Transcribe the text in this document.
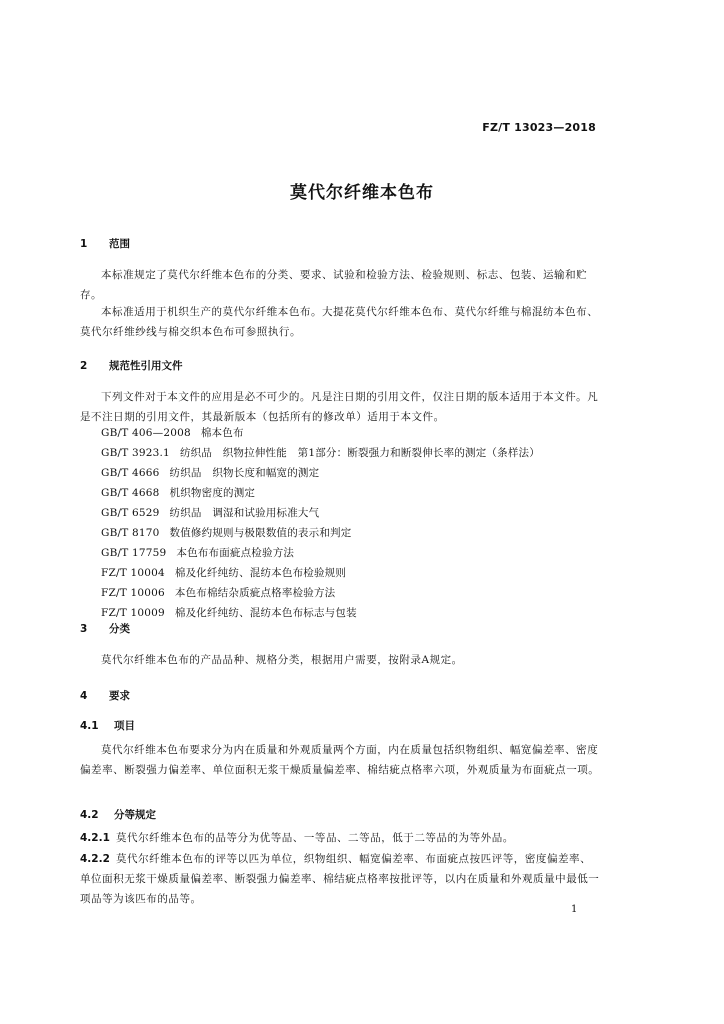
FZ/T 13023—2018
莫代尔纤维本色布
1 范围

本标准规定了莫代尔纤维本色布的分类、要求、试验和检验方法、检验规则、标志、包装、运输和贮存。

本标准适用于机织生产的莫代尔纤维本色布。大提花莫代尔纤维本色布、莫代尔纤维与棉混纺本色布、莫代尔纤维纱线与棉交织本色布可参照执行。

2 规范性引用文件

下列文件对于本文件的应用是必不可少的。凡是注日期的引用文件，仅注日期的版本适用于本文件。凡是不注日期的引用文件，其最新版本（包括所有的修改单）适用于本文件。

GB/T 406—2008 棉本色布
GB/T 3923.1 纺织品　织物拉伸性能　第1部分：断裂强力和断裂伸长率的测定（条样法）
GB/T 4666 纺织品　织物长度和幅宽的测定
GB/T 4668 机织物密度的测定
GB/T 6529 纺织品　调湿和试验用标准大气
GB/T 8170 数值修约规则与极限数值的表示和判定
GB/T 17759 本色布布面疵点检验方法
FZ/T 10004 棉及化纤纯纺、混纺本色布检验规则
FZ/T 10006 本色布棉结杂质疵点格率检验方法
FZ/T 10009 棉及化纤纯纺、混纺本色布标志与包装
3 分类

莫代尔纤维本色布的产品品种、规格分类，根据用户需要，按附录A规定。

4 要求
4.1 项目

莫代尔纤维本色布要求分为内在质量和外观质量两个方面，内在质量包括织物组织、幅宽偏差率、密度偏差率、断裂强力偏差率、单位面积无浆干燥质量偏差率、棉结疵点格率六项，外观质量为布面疵点一项。

4.2 分等规定

4.2.1 莫代尔纤维本色布的品等分为优等品、一等品、二等品，低于二等品的为等外品。

4.2.2 莫代尔纤维本色布的评等以匹为单位，织物组织、幅宽偏差率、布面疵点按匹评等，密度偏差率、单位面积无浆干燥质量偏差率、断裂强力偏差率、棉结疵点格率按批评等，以内在质量和外观质量中最低一项品等为该匹布的品等。

1
